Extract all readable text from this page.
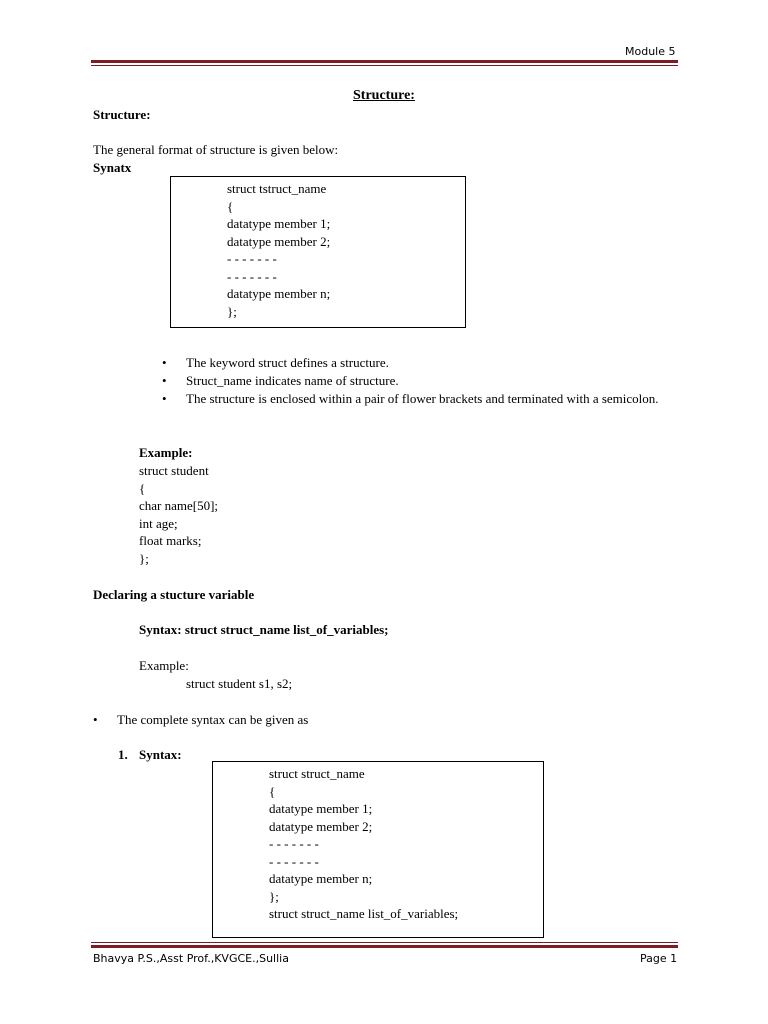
Module 5
Structure:
Structure:
The general format of structure is given below:
Synatx
struct tstruct_name
{
datatype member 1;
datatype member 2;
- - - - - - -
- - - - - - -
datatype member n;
};
• The keyword struct defines a structure.
• Struct_name indicates name of structure.
• The structure is enclosed within a pair of flower brackets and terminated with a semicolon.
Example:
struct student
{
char name[50];
int age;
float marks;
};
Declaring a stucture variable
Syntax: struct struct_name list_of_variables;
Example:
struct student s1, s2;
• The complete syntax can be given as
1. Syntax:
struct struct_name
{
datatype member 1;
datatype member 2;
- - - - - - -
- - - - - - -
datatype member n;
};
struct struct_name list_of_variables;
Bhavya P.S.,Asst Prof.,KVGCE.,Sullia	Page 1
